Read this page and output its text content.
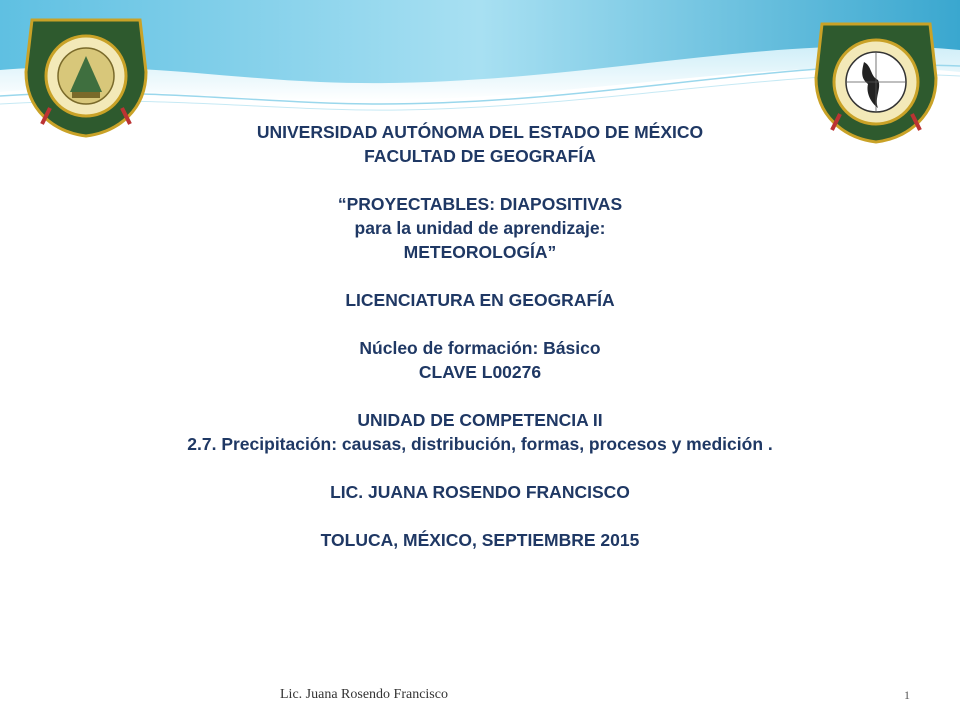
UNIVERSIDAD AUTÓNOMA DEL ESTADO DE MÉXICO
FACULTAD DE GEOGRAFÍA
“PROYECTABLES: DIAPOSITIVAS
para la unidad de aprendizaje:
METEOROLOGÍA”
LICENCIATURA EN GEOGRAFÍA
Núcleo de formación: Básico
CLAVE L00276
UNIDAD DE COMPETENCIA II
2.7. Precipitación: causas, distribución, formas, procesos y medición .
LIC. JUANA ROSENDO FRANCISCO
TOLUCA, MÉXICO, SEPTIEMBRE 2015
Lic. Juana Rosendo Francisco	1
